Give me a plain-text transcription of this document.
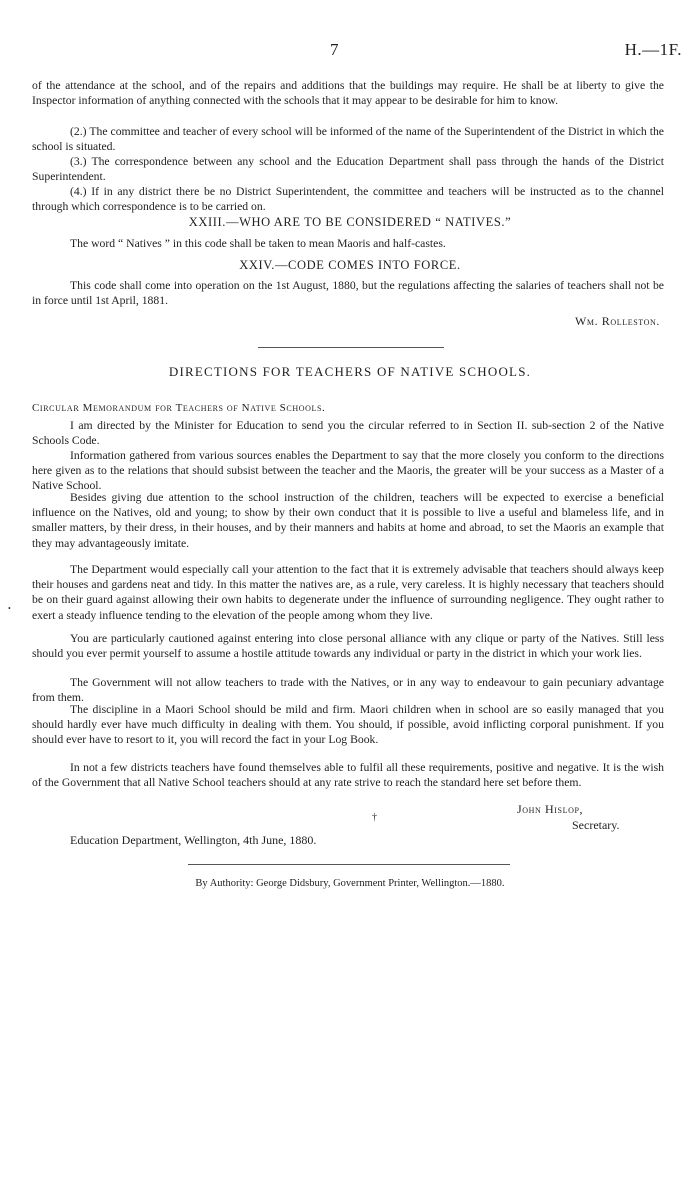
7	H.—1F.

of the attendance at the school, and of the repairs and additions that the buildings may require. He shall be at liberty to give the Inspector information of anything connected with the schools that it may appear to be desirable for him to know.

(2.) The committee and teacher of every school will be informed of the name of the Superintendent of the District in which the school is situated.

(3.) The correspondence between any school and the Education Department shall pass through the hands of the District Superintendent.

(4.) If in any district there be no District Superintendent, the committee and teachers will be instructed as to the channel through which correspondence is to be carried on.

XXIII.—WHO ARE TO BE CONSIDERED “ NATIVES.”

The word “ Natives ” in this code shall be taken to mean Maoris and half-castes.

XXIV.—CODE COMES INTO FORCE.

This code shall come into operation on the 1st August, 1880, but the regulations affecting the salaries of teachers shall not be in force until 1st April, 1881.

Wm. Rolleston.

DIRECTIONS FOR TEACHERS OF NATIVE SCHOOLS.

Circular Memorandum for Teachers of Native Schools.

I am directed by the Minister for Education to send you the circular referred to in Section II. sub-section 2 of the Native Schools Code.

Information gathered from various sources enables the Department to say that the more closely you conform to the directions here given as to the relations that should subsist between the teacher and the Maoris, the greater will be your success as a Master of a Native School.

Besides giving due attention to the school instruction of the children, teachers will be expected to exercise a beneficial influence on the Natives, old and young; to show by their own conduct that it is possible to live a useful and blameless life, and in smaller matters, by their dress, in their houses, and by their manners and habits at home and abroad, to set the Maoris an example that they may advantageously imitate.

The Department would especially call your attention to the fact that it is extremely advisable that teachers should always keep their houses and gardens neat and tidy. In this matter the natives are, as a rule, very careless. It is highly necessary that teachers should be on their guard against allowing their own habits to degenerate under the influence of surrounding negligence. They ought rather to exert a steady influence tending to the elevation of the people among whom they live.

You are particularly cautioned against entering into close personal alliance with any clique or party of the Natives. Still less should you ever permit yourself to assume a hostile attitude towards any individual or party in the district in which your work lies.

The Government will not allow teachers to trade with the Natives, or in any way to endeavour to gain pecuniary advantage from them.

The discipline in a Maori School should be mild and firm. Maori children when in school are so easily managed that you should hardly ever have much difficulty in dealing with them. You should, if possible, avoid inflicting corporal punishment. If you should ever have to resort to it, you will record the fact in your Log Book.

In not a few districts teachers have found themselves able to fulfil all these requirements, positive and negative. It is the wish of the Government that all Native School teachers should at any rate strive to reach the standard here set before them.

John Hislop,
Secretary.
†
Education Department, Wellington, 4th June, 1880.
By Authority: George Didsbury, Government Printer, Wellington.—1880.
•
